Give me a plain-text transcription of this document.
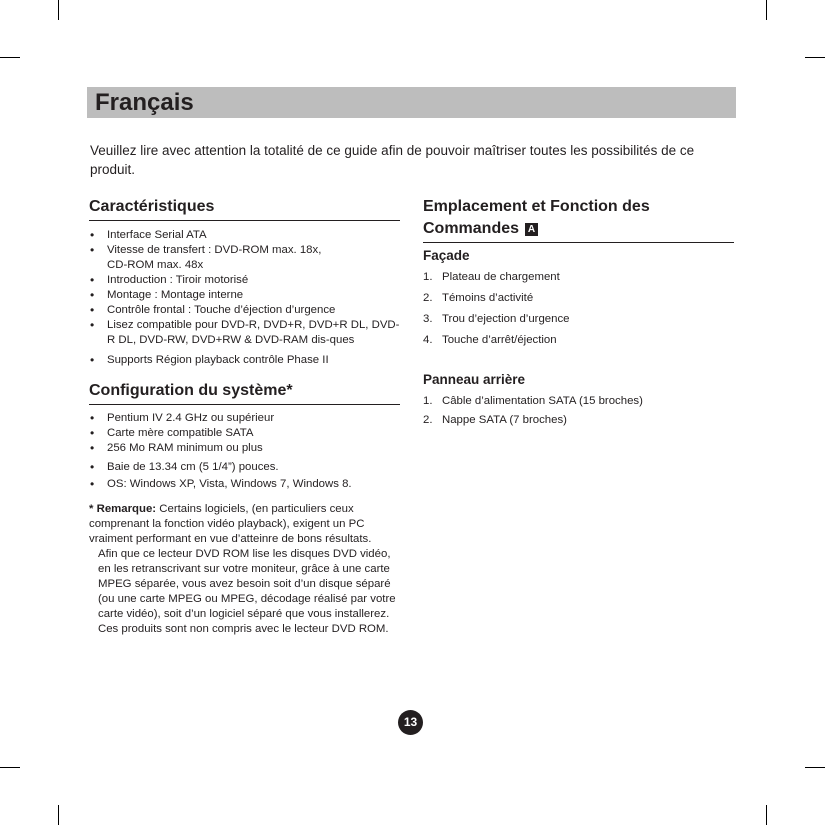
Français
Veuillez lire avec attention la totalité de ce guide afin de pouvoir maîtriser toutes les possibilités de ce produit.
Caractéristiques
• Interface Serial ATA
• Vitesse de transfert : DVD-ROM max. 18x,
CD-ROM max. 48x
• Introduction : Tiroir motorisé
• Montage : Montage interne
• Contrôle frontal : Touche d’éjection d’urgence
• Lisez compatible pour DVD-R, DVD+R, DVD+R DL, DVD-R DL, DVD-RW, DVD+RW & DVD-RAM dis-ques
• Supports Région playback contrôle Phase II
Configuration du système*
• Pentium IV 2.4 GHz ou supérieur
• Carte mère compatible SATA
• 256 Mo RAM minimum ou plus
• Baie de 13.34 cm (5 1/4”) pouces.
• OS: Windows XP, Vista, Windows 7, Windows 8.
* Remarque: Certains logiciels, (en particuliers ceux comprenant la fonction vidéo playback), exigent un PC vraiment performant en vue d’atteinre de bons résultats.
Afin que ce lecteur DVD ROM lise les disques DVD vidéo, en les retranscrivant sur votre moniteur, grâce à une carte MPEG séparée, vous avez besoin soit d’un disque séparé
(ou une carte MPEG ou MPEG, décodage réalisé par votre carte vidéo), soit d’un logiciel séparé que vous installerez.
Ces produits sont non compris avec le lecteur DVD ROM.
Emplacement et Fonction des
Commandes A
Façade
1. Plateau de chargement
2. Témoins d’activité
3. Trou d’ejection d’urgence
4. Touche d’arrêt/éjection
Panneau arrière
1. Câble d’alimentation SATA (15 broches)
2. Nappe SATA (7 broches)
13
